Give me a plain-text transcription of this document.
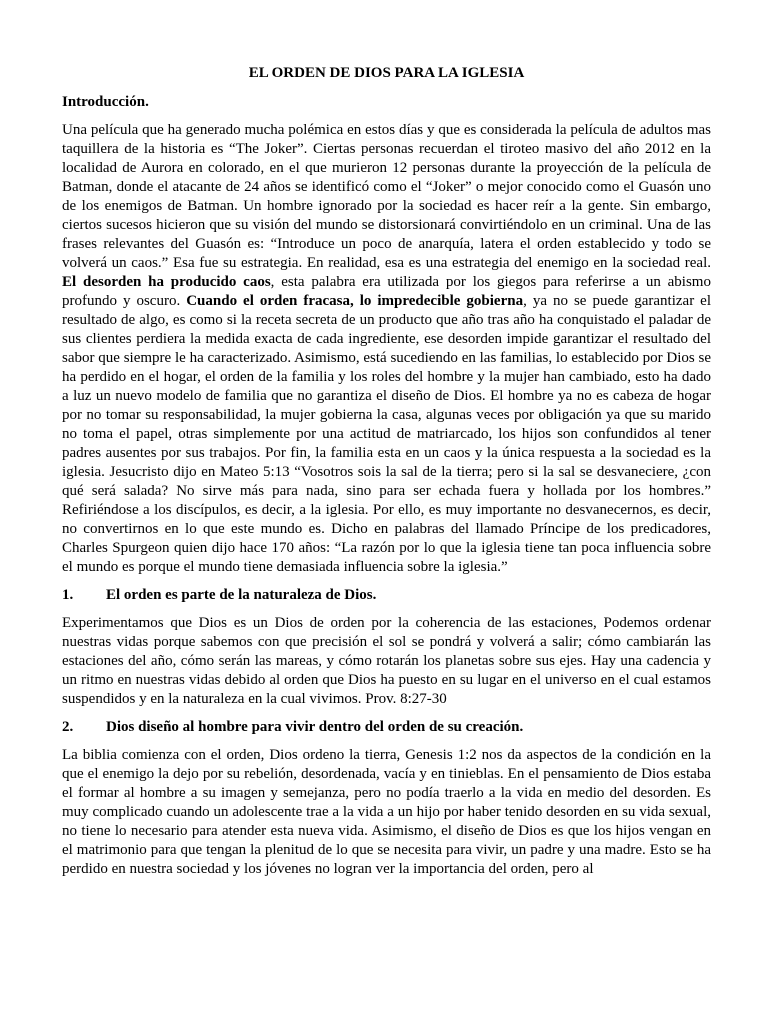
EL ORDEN DE DIOS PARA LA IGLESIA
Introducción.

Una película que ha generado mucha polémica en estos días y que es considerada la película de adultos mas taquillera de la historia es “The Joker”. Ciertas personas recuerdan el tiroteo masivo del año 2012 en la localidad de Aurora en colorado, en el que murieron 12 personas durante la proyección de la película de Batman, donde el atacante de 24 años se identificó como el “Joker” o mejor conocido como el Guasón uno de los enemigos de Batman. Un hombre ignorado por la sociedad es hacer reír a la gente. Sin embargo, ciertos sucesos hicieron que su visión del mundo se distorsionará convirtiéndolo en un criminal. Una de las frases relevantes del Guasón es: “Introduce un poco de anarquía, latera el orden establecido y todo se volverá un caos.” Esa fue su estrategia. En realidad, esa es una estrategia del enemigo en la sociedad real. El desorden ha producido caos, esta palabra era utilizada por los giegos para referirse a un abismo profundo y oscuro. Cuando el orden fracasa, lo impredecible gobierna, ya no se puede garantizar el resultado de algo, es como si la receta secreta de un producto que año tras año ha conquistado el paladar de sus clientes perdiera la medida exacta de cada ingrediente, ese desorden impide garantizar el resultado del sabor que siempre le ha caracterizado. Asimismo, está sucediendo en las familias, lo establecido por Dios se ha perdido en el hogar, el orden de la familia y los roles del hombre y la mujer han cambiado, esto ha dado a luz un nuevo modelo de familia que no garantiza el diseño de Dios. El hombre ya no es cabeza de hogar por no tomar su responsabilidad, la mujer gobierna la casa, algunas veces por obligación ya que su marido no toma el papel, otras simplemente por una actitud de matriarcado, los hijos son confundidos al tener padres ausentes por sus trabajos. Por fin, la familia esta en un caos y la única respuesta a la sociedad es la iglesia. Jesucristo dijo en Mateo 5:13 “Vosotros sois la sal de la tierra; pero si la sal se desvaneciere, ¿con qué será salada? No sirve más para nada, sino para ser echada fuera y hollada por los hombres.” Refiriéndose a los discípulos, es decir, a la iglesia. Por ello, es muy importante no desvanecernos, es decir, no convertirnos en lo que este mundo es. Dicho en palabras del llamado Príncipe de los predicadores, Charles Spurgeon quien dijo hace 170 años: “La razón por lo que la iglesia tiene tan poca influencia sobre el mundo es porque el mundo tiene demasiada influencia sobre la iglesia.”

1.	El orden es parte de la naturaleza de Dios.

Experimentamos que Dios es un Dios de orden por la coherencia de las estaciones, Podemos ordenar nuestras vidas porque sabemos con que precisión el sol se pondrá y volverá a salir; cómo cambiarán las estaciones del año, cómo serán las mareas, y cómo rotarán los planetas sobre sus ejes. Hay una cadencia y un ritmo en nuestras vidas debido al orden que Dios ha puesto en su lugar en el universo en el cual estamos suspendidos y en la naturaleza en la cual vivimos. Prov. 8:27-30

2.	Dios diseño al hombre para vivir dentro del orden de su creación.

La biblia comienza con el orden, Dios ordeno la tierra, Genesis 1:2 nos da aspectos de la condición en la que el enemigo la dejo por su rebelión, desordenada, vacía y en tinieblas. En el pensamiento de Dios estaba el formar al hombre a su imagen y semejanza, pero no podía traerlo a la vida en medio del desorden. Es muy complicado cuando un adolescente trae a la vida a un hijo por haber tenido desorden en su vida sexual, no tiene lo necesario para atender esta nueva vida. Asimismo, el diseño de Dios es que los hijos vengan en el matrimonio para que tengan la plenitud de lo que se necesita para vivir, un padre y una madre. Esto se ha perdido en nuestra sociedad y los jóvenes no logran ver la importancia del orden, pero al
